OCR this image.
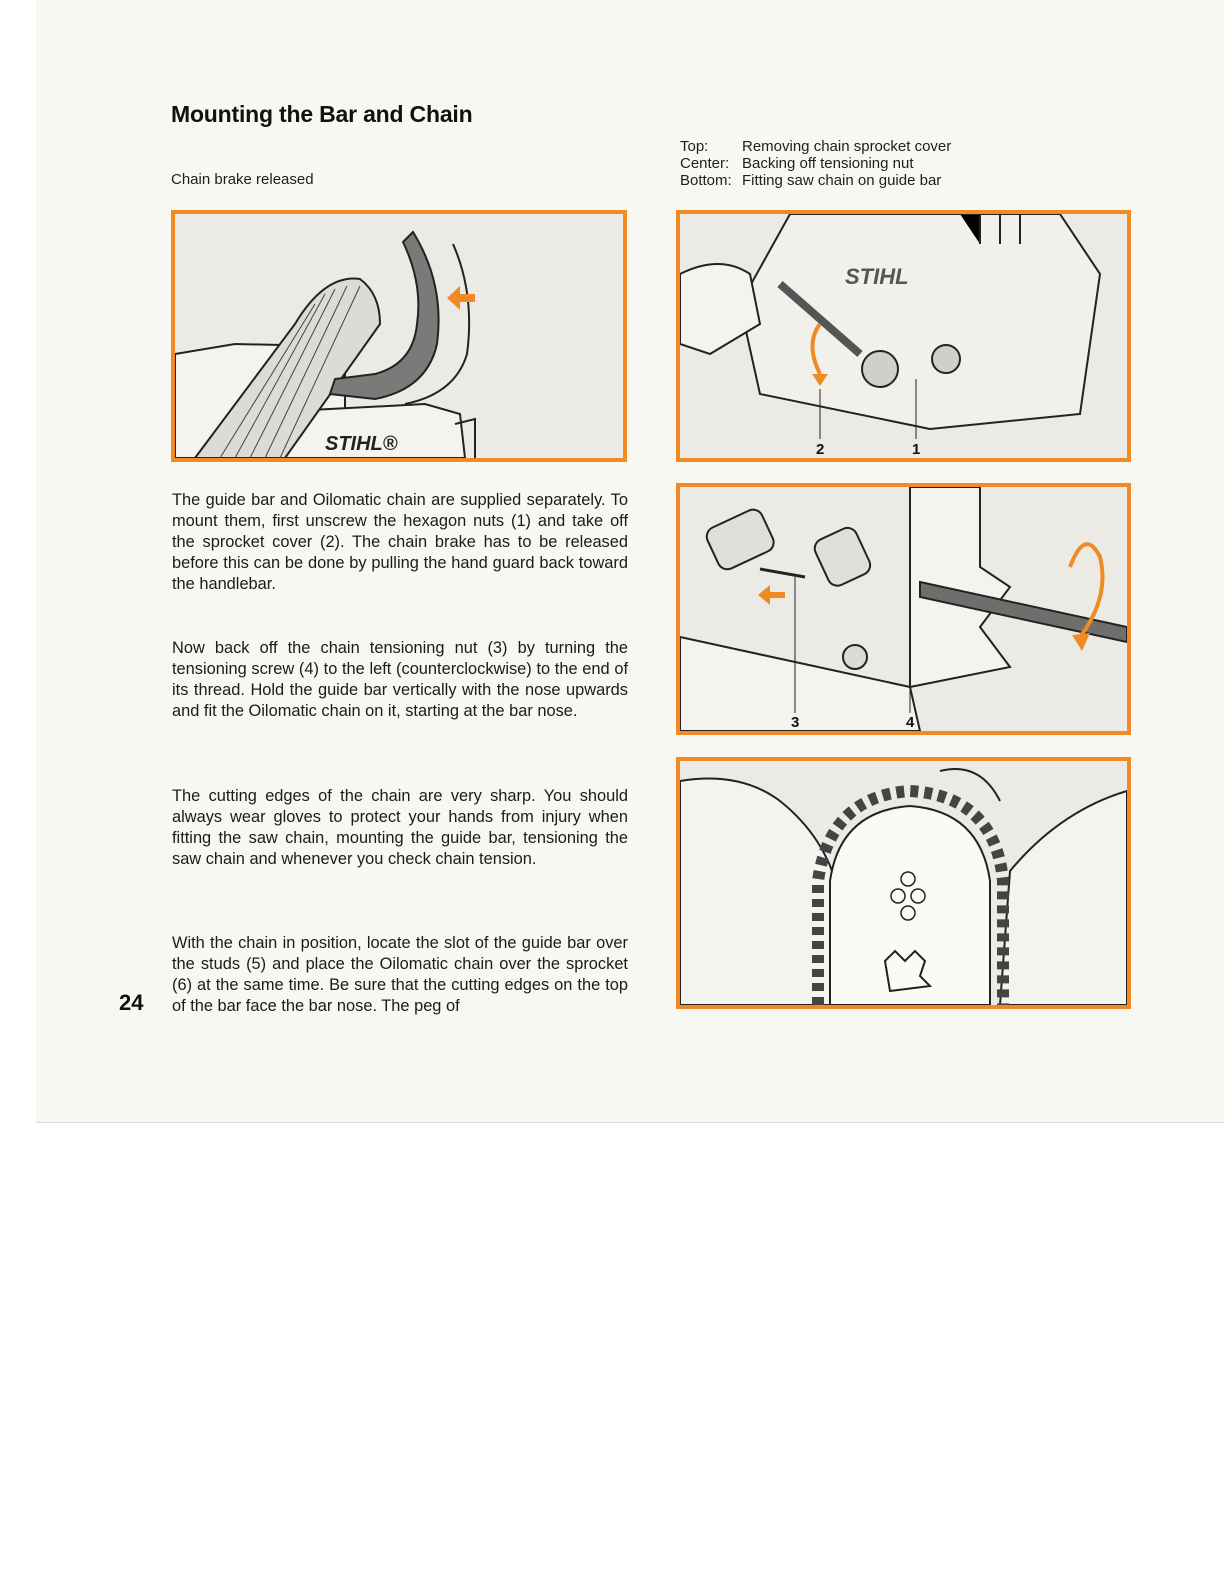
Mounting the Bar and Chain
Chain brake released
Top:	Removing chain sprocket cover
Center: Backing off tensioning nut
Bottom: Fitting saw chain on guide bar
STIHL®
STIHL
2	1
3	4

The guide bar and Oilomatic chain are supplied separately. To mount them, first unscrew the hexagon nuts (1) and take off the sprocket cover (2). The chain brake has to be released before this can be done by pulling the hand guard back toward the handlebar.

Now back off the chain tensioning nut (3) by turning the tensioning screw (4) to the left (counterclockwise) to the end of its thread. Hold the guide bar vertically with the nose upwards and fit the Oilomatic chain on it, starting at the bar nose.

The cutting edges of the chain are very sharp. You should always wear gloves to protect your hands from injury when fitting the saw chain, mounting the guide bar, tensioning the saw chain and whenever you check chain tension.

With the chain in position, locate the slot of the guide bar over the studs (5) and place the Oilomatic chain over the sprocket (6) at the same time. Be sure that the cutting edges on the top of the bar face the bar nose. The peg of

24
